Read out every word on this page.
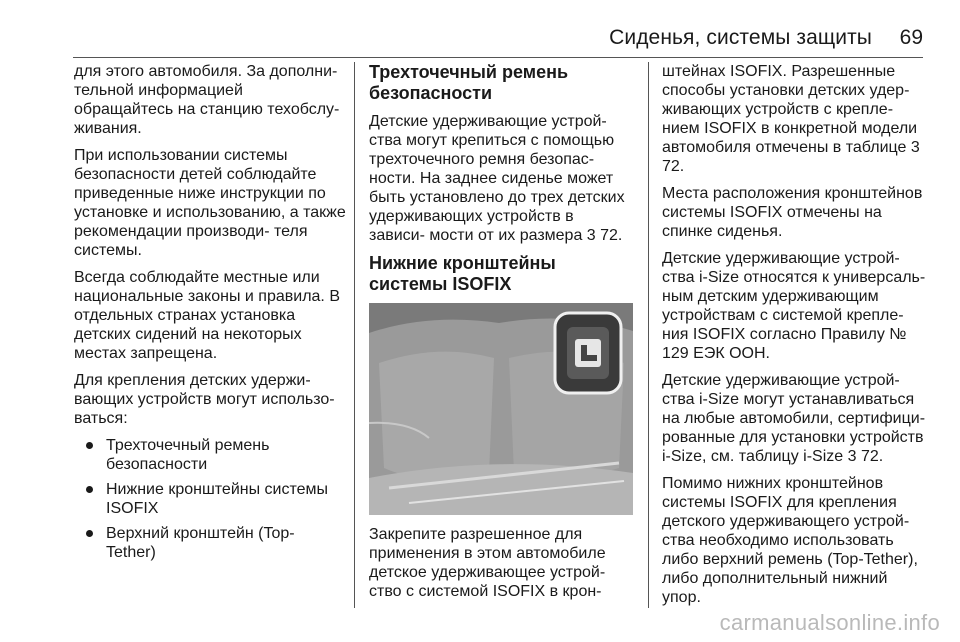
Сиденья, системы защиты 69

для этого автомобиля. За дополни- тельной информацией обращайтесь на станцию техобслу- живания.

При использовании системы безопасности детей соблюдайте приведенные ниже инструкции по установке и использованию, а также рекомендации производи- теля системы.

Всегда соблюдайте местные или национальные законы и правила. В отдельных странах установка детских сидений на некоторых местах запрещена.

Для крепления детских удержи- вающих устройств могут использо- ваться:

Трехточечный ремень безопасности
Нижние кронштейны системы ISOFIX
Верхний кронштейн (Top- Tether)
Трехточечный ремень безопасности

Детские удерживающие устрой- ства могут крепиться с помощью трехточечного ремня безопас- ности. На заднее сиденье может быть установлено до трех детских удерживающих устройств в зависи- мости от их размера 3 72.

Нижние кронштейны системы ISOFIX

Закрепите разрешенное для применения в этом автомобиле детское удерживающее устрой- ство с системой ISOFIX в крон-

штейнах ISOFIX. Разрешенные способы установки детских удер- живающих устройств с крепле- нием ISOFIX в конкретной модели автомобиля отмечены в таблице 3 72.

Места расположения кронштейнов системы ISOFIX отмечены на спинке сиденья.

Детские удерживающие устрой- ства i-Size относятся к универсаль- ным детским удерживающим устройствам с системой крепле- ния ISOFIX согласно Правилу № 129 ЕЭК ООН.

Детские удерживающие устрой- ства i-Size могут устанавливаться на любые автомобили, сертифици- рованные для установки устройств i-Size, см. таблицу i-Size 3 72.

Помимо нижних кронштейнов системы ISOFIX для крепления детского удерживающего устрой- ства необходимо использовать либо верхний ремень (Top-Tether), либо дополнительный нижний упор.

carmanualsonline.info
